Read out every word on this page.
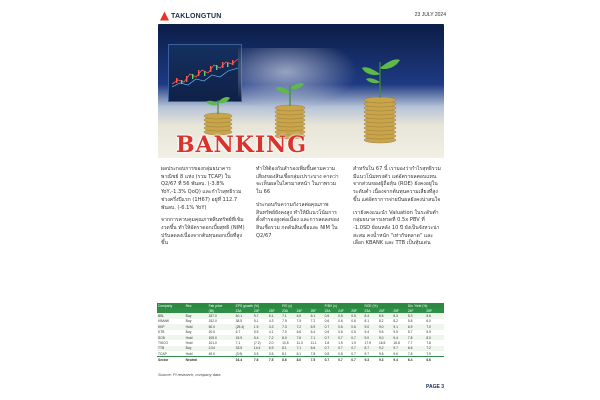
TAKLONGTUN	23 JULY 2024
BANKING

ผลประกอบการของกลุ่มธนาคารพาณิชย์ 8 แห่ง (รวม TCAP) ใน Q2/67 ที่ 56 พันลบ. (-3.8% YoY,-1.3% QoQ) และกำไรสุทธิรวมช่วงครึ่งปีแรก (1H67) อยู่ที่ 112.7 พันลบ. (-6.1% YoY)

จากการควบคุมคุณภาพสินทรัพย์ที่เข้มงวดขึ้น ทำให้อัตราดอกเบี้ยสุทธิ (NIM) ปรับลดลงเนื่องจากต้นทุนดอกเบี้ยที่สูงขึ้น

ทำให้ต้องกันสำรองเพิ่มขึ้นตามความเสี่ยงของสินเชื่อกลุ่มเปราะบาง คาดว่าจะเห็นผลในไตรมาสหน้า ในภาพรวมใน 66

ประกอบกับความกังวลต่อคุณภาพสินทรัพย์ยังคงสูง ทำให้มีแนวโน้มการตั้งสำรองสูงต่อเนื่อง และการลดลงของสินเชื่อรวม กดดันสินเชื่อและ NIM ใน Q2/67

สำหรับใน 67 นี้ เรามองว่ากำไรสุทธิรวมมีแนวโน้มทรงตัว แต่อัตราผลตอบแทนจากส่วนของผู้ถือหุ้น (ROE) ยังคงอยู่ในระดับต่ำ เนื่องจากต้นทุนความเสี่ยงที่สูงขึ้น แต่อัตราการจ่ายปันผลยังคงน่าสนใจ

เรายังคงแนะนำ Valuation ในระดับต่ำ กลุ่มธนาคารเทรดที่ 0.5x PBV ที่ -1.0SD ย้อนหลัง 10 ปี ยังเป็นจังหวะน่าสะสม คงน้ำหนัก "เท่ากับตลาด" และเลือก KBANK และ TTB เป็นหุ้นเด่น

Company	Rec	Fair price	EPS growth (%)			P/E (x)			P/BV (x)			ROE (%)			Div. Yield (%)	
		(Bt)	23A	24F	25F	23A	24F	25F	23A	24F	25F	23A	24F	25F	24F	25F
BBL	Buy	187.0	40.1	9.7	5.1	7.1	6.5	6.1	0.6	0.5	0.5	8.4	8.5	8.3	5.3	5.6
KBANK	Buy	152.0	38.5	5.1	4.3	7.9	7.5	7.2	0.6	0.6	0.6	8.1	8.2	8.2	5.8	6.0
KKP	Hold	50.0	(25.4)	1.5	3.3	7.3	7.2	6.9	0.7	0.6	0.6	9.0	9.0	9.1	6.9	7.0
KTB	Buy	20.5	6.7	5.5	4.1	7.0	6.6	6.4	0.6	0.6	0.5	9.4	9.5	9.5	5.7	5.9
SCB	Hold	105.0	15.9	5.4	7.2	8.0	7.6	7.1	0.7	0.7	0.7	9.0	9.0	9.4	7.8	8.0
TISCO	Hold	101.0	7.1	(7.2)	2.0	10.5	11.3	11.1	1.8	1.9	1.9	17.9	16.5	16.8	7.7	7.8
TTB	Buy	2.04	33.5	14.4	6.9	8.1	7.1	6.6	0.7	0.7	0.7	8.7	9.2	9.7	6.6	7.2
TCAP	Hold	49.0	(3.9)	0.5	3.5	8.1	8.1	7.8	0.8	0.8	0.7	9.7	9.5	9.6	7.8	7.9
Sector	Neutral		16.4	7.6	7.5	8.6	8.0	7.5	0.7	0.7	0.7	9.3	9.3	9.4	6.4	6.6
Source: Pi research, company data
PAGE 3
